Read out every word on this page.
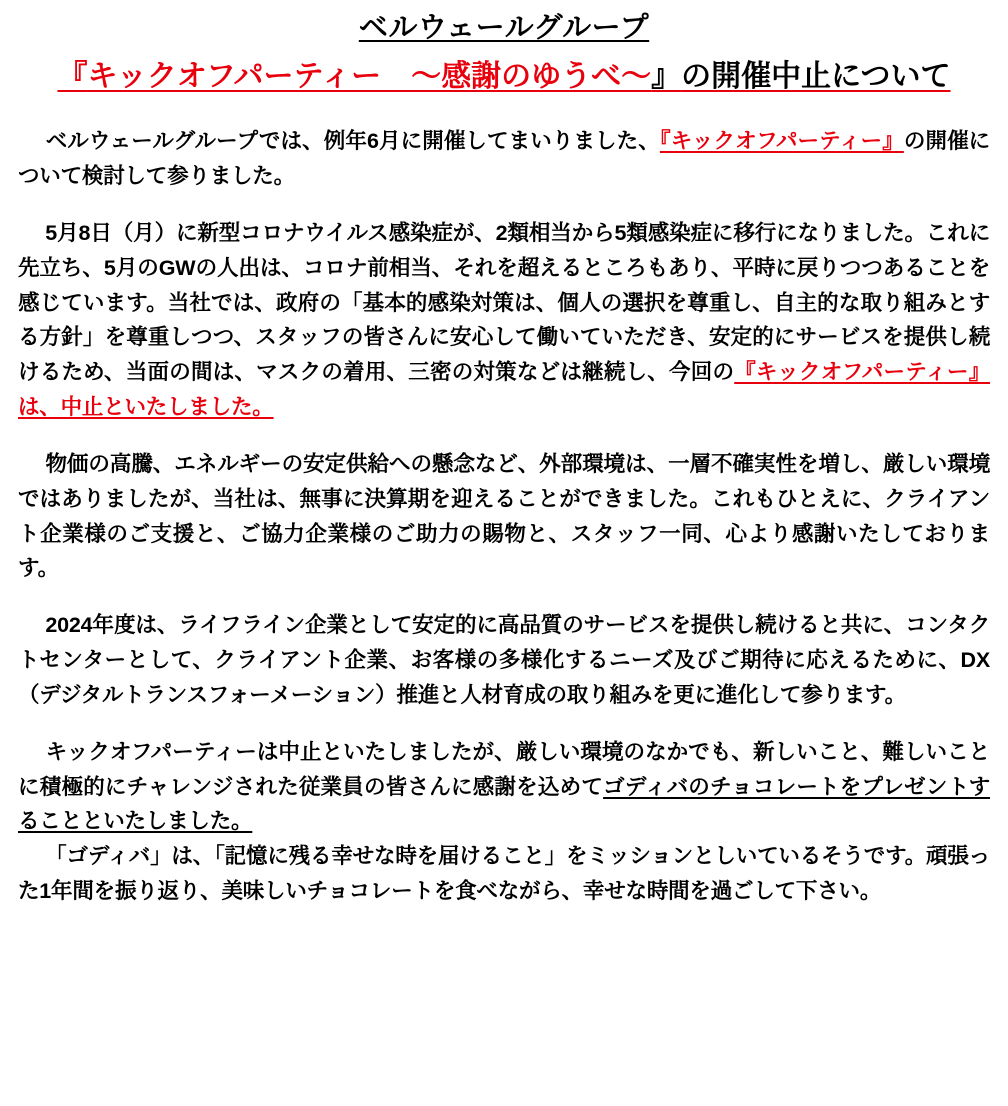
ベルウェールグループ
『キックオフパーティー　～感謝のゆうべ～』の開催中止について

ベルウェールグループでは、例年6月に開催してまいりました、『キックオフパーティー』の開催について検討して参りました。

5月8日（月）に新型コロナウイルス感染症が、2類相当から5類感染症に移行になりました。これに先立ち、5月のGWの人出は、コロナ前相当、それを超えるところもあり、平時に戻りつつあることを感じています。当社では、政府の「基本的感染対策は、個人の選択を尊重し、自主的な取り組みとする方針」を尊重しつつ、スタッフの皆さんに安心して働いていただき、安定的にサービスを提供し続けるため、当面の間は、マスクの着用、三密の対策などは継続し、今回の『キックオフパーティー』は、中止といたしました。

物価の高騰、エネルギーの安定供給への懸念など、外部環境は、一層不確実性を増し、厳しい環境ではありましたが、当社は、無事に決算期を迎えることができました。これもひとえに、クライアント企業様のご支援と、ご協力企業様のご助力の賜物と、スタッフ一同、心より感謝いたしております。

2024年度は、ライフライン企業として安定的に高品質のサービスを提供し続けると共に、コンタクトセンターとして、クライアント企業、お客様の多様化するニーズ及びご期待に応えるために、DX（デジタルトランスフォーメーション）推進と人材育成の取り組みを更に進化して参ります。

キックオフパーティーは中止といたしましたが、厳しい環境のなかでも、新しいこと、難しいことに積極的にチャレンジされた従業員の皆さんに感謝を込めてゴディバのチョコレートをプレゼントすることといたしました。

「ゴディバ」は、「記憶に残る幸せな時を届けること」をミッションとしいているそうです。頑張った1年間を振り返り、美味しいチョコレートを食べながら、幸せな時間を過ごして下さい。
